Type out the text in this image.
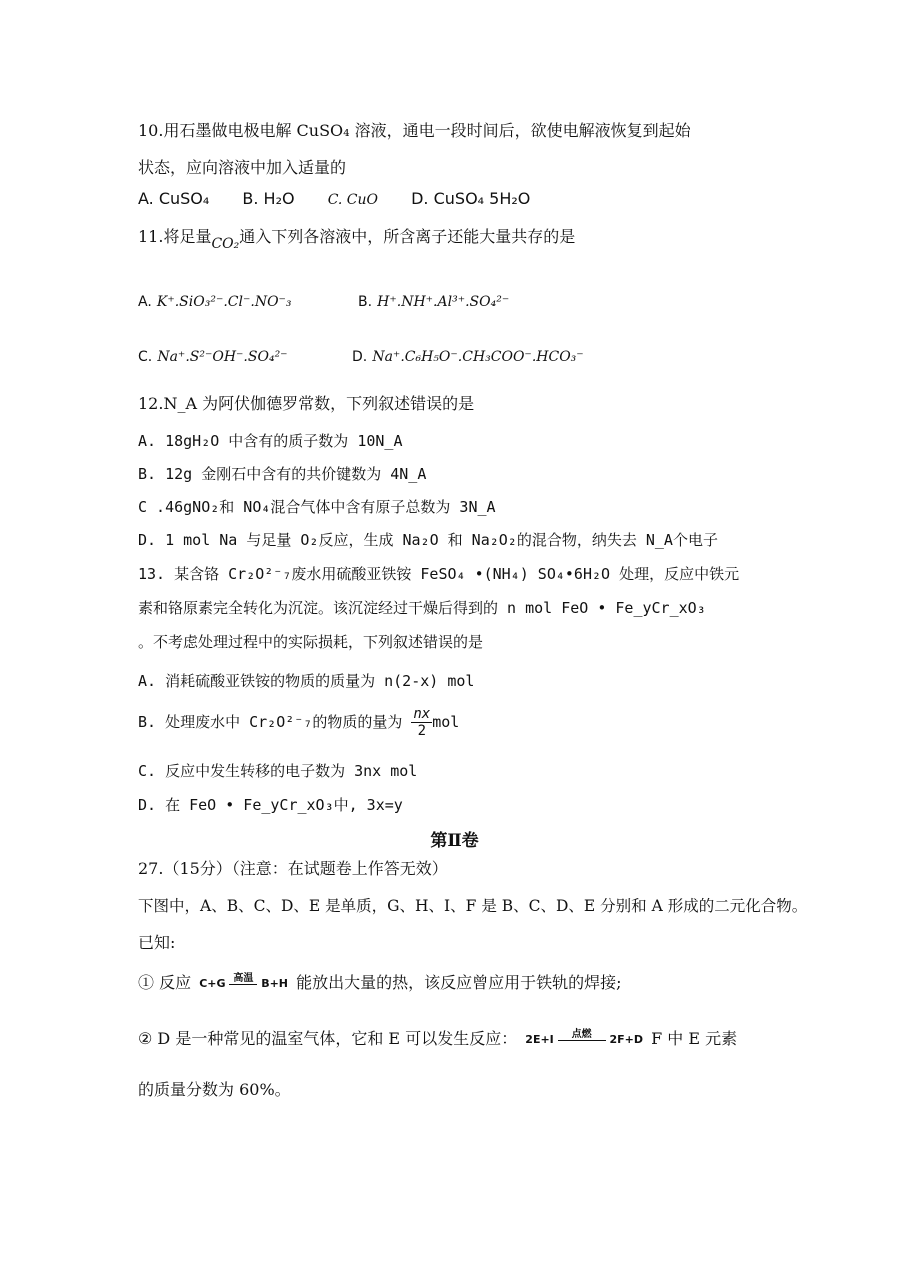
10.用石墨做电极电解 CuSO₄ 溶液，通电一段时间后，欲使电解液恢复到起始
状态，应向溶液中加入适量的
A. CuSO₄ B. H₂O C. CuO D. CuSO₄ 5H₂O
11.将足量CO₂通入下列各溶液中，所含离子还能大量共存的是
A. K⁺.SiO₃²⁻.Cl⁻.NO⁻₃	B. H⁺.NH⁺.Al³⁺.SO₄²⁻
C. Na⁺.S²⁻OH⁻.SO₄²⁻	D. Na⁺.C₆H₅O⁻.CH₃COO⁻.HCO₃⁻
12.N_A 为阿伏伽德罗常数，下列叙述错误的是
A. 18gH₂O 中含有的质子数为 10N_A
B. 12g 金刚石中含有的共价键数为 4N_A
C .46gNO₂和 NO₄混合气体中含有原子总数为 3N_A
D. 1 mol Na 与足量 O₂反应，生成 Na₂O 和 Na₂O₂的混合物，纳失去 N_A个电子
13. 某含铬 Cr₂O²⁻₇废水用硫酸亚铁铵 FeSO₄ •(NH₄) SO₄•6H₂O 处理，反应中铁元
素和铬原素完全转化为沉淀。该沉淀经过干燥后得到的 n mol FeO • Fe_yCr_xO₃
。不考虑处理过程中的实际损耗，下列叙述错误的是
A. 消耗硫酸亚铁铵的物质的质量为 n(2-x) mol
B. 处理废水中 Cr₂O²⁻₇的物质的量为 $\frac{nx}{2}$ mol
C. 反应中发生转移的电子数为 3nx mol
D. 在 FeO • Fe_yCr_xO₃中, 3x=y
第Ⅱ卷
27.（15分）（注意：在试题卷上作答无效）
下图中，A、B、C、D、E 是单质，G、H、I、F 是 B、C、D、E 分别和 A 形成的二元化合物。
已知:
① 反应 C+G 高温 B+H 能放出大量的热，该反应曾应用于铁轨的焊接;
② D 是一种常见的温室气体，它和 E 可以发生反应： 2E+I 点燃 2F+D F 中 E 元素
的质量分数为 60%。
